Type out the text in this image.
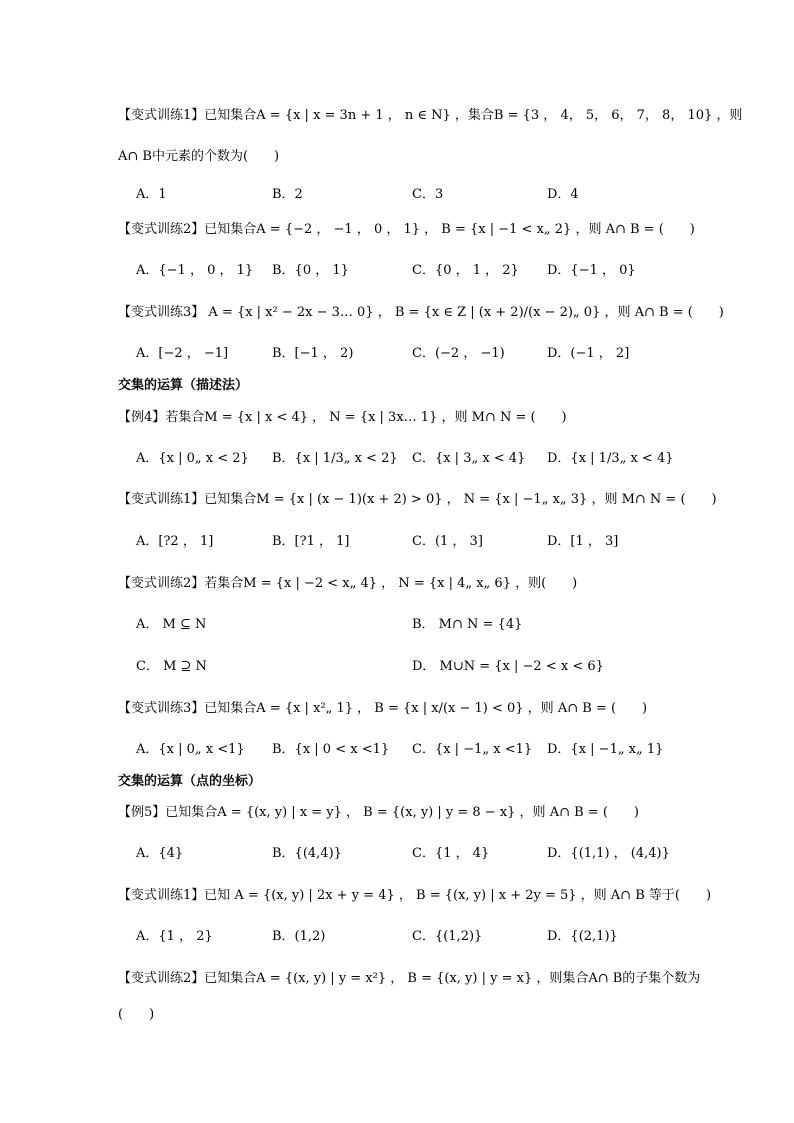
【变式训练1】已知集合A = {x | x = 3n + 1 ， n ∈ N} ，集合B = {3 ， 4， 5， 6， 7， 8， 10} ，则
A∩ B中元素的个数为(　　)
A．1	B．2	C．3	D．4
【变式训练2】已知集合A = {−2 ， −1 ， 0 ， 1} ， B = {x | −1 < x„ 2} ，则 A∩ B = (　　)
A．{−1 ， 0 ， 1} B．{0 ， 1}	C．{0 ， 1 ， 2} D．{−1 ， 0}
【变式训练3】 A = {x | x² − 2x − 3… 0} ， B = {x ∈ Z | (x + 2)/(x − 2)„ 0} ，则 A∩ B = (　　)
A．[−2 ， −1]	B．[−1 ， 2)	C．(−2 ， −1)	D．(−1 ， 2]
交集的运算（描述法）
【例4】若集合M = {x | x < 4} ， N = {x | 3x… 1} ，则 M∩ N = (　　)
A．{x | 0„ x < 2} B．{x | 1/3„ x < 2} C．{x | 3„ x < 4} D．{x | 1/3„ x < 4}
【变式训练1】已知集合M = {x | (x − 1)(x + 2) > 0} ， N = {x | −1„ x„ 3} ，则 M∩ N = (　　)
A．[?2 ， 1]	B．[?1 ， 1]	C．(1 ， 3]	D．[1 ， 3]
【变式训练2】若集合M = {x | −2 < x„ 4} ， N = {x | 4„ x„ 6} ，则(　　)
A． M ⊆ N	B． M∩ N = {4}
C． M ⊇ N	D． M∪N = {x | −2 < x < 6}
【变式训练3】已知集合A = {x | x²„ 1} ， B = {x | x/(x − 1) < 0} ，则 A∩ B = (　　)
A．{x | 0„ x <1} B．{x | 0 < x <1} C．{x | −1„ x <1} D．{x | −1„ x„ 1}
交集的运算（点的坐标）
【例5】已知集合A = {(x, y) | x = y} ， B = {(x, y) | y = 8 − x} ，则 A∩ B = (　　)
A．{4}	B．{(4,4)}	C．{1 ， 4}	D．{(1,1) ， (4,4)}
【变式训练1】已知 A = {(x, y) | 2x + y = 4} ， B = {(x, y) | x + 2y = 5} ，则 A∩ B 等于(　　)
A．{1 ， 2}	B．(1,2)	C．{(1,2)}	D．{(2,1)}
【变式训练2】已知集合A = {(x, y) | y = x²} ， B = {(x, y) | y = x} ，则集合A∩ B的子集个数为
(　　)
